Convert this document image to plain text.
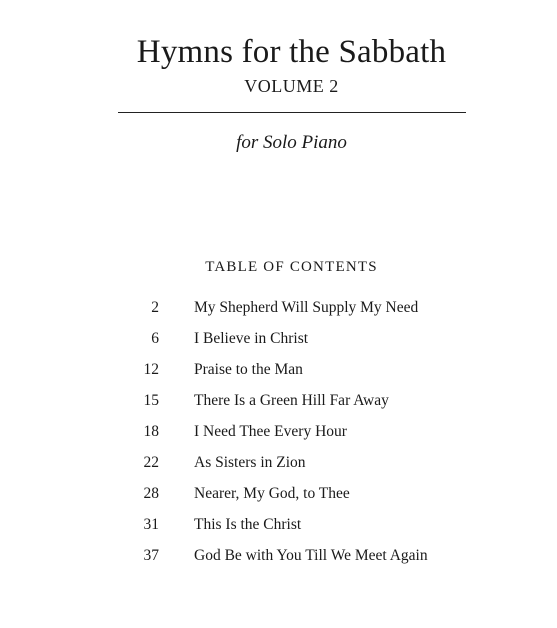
Hymns for the Sabbath
VOLUME 2
for Solo Piano
TABLE OF CONTENTS
2 My Shepherd Will Supply My Need
6 I Believe in Christ
12 Praise to the Man
15 There Is a Green Hill Far Away
18 I Need Thee Every Hour
22 As Sisters in Zion
28 Nearer, My God, to Thee
31 This Is the Christ
37 God Be with You Till We Meet Again
